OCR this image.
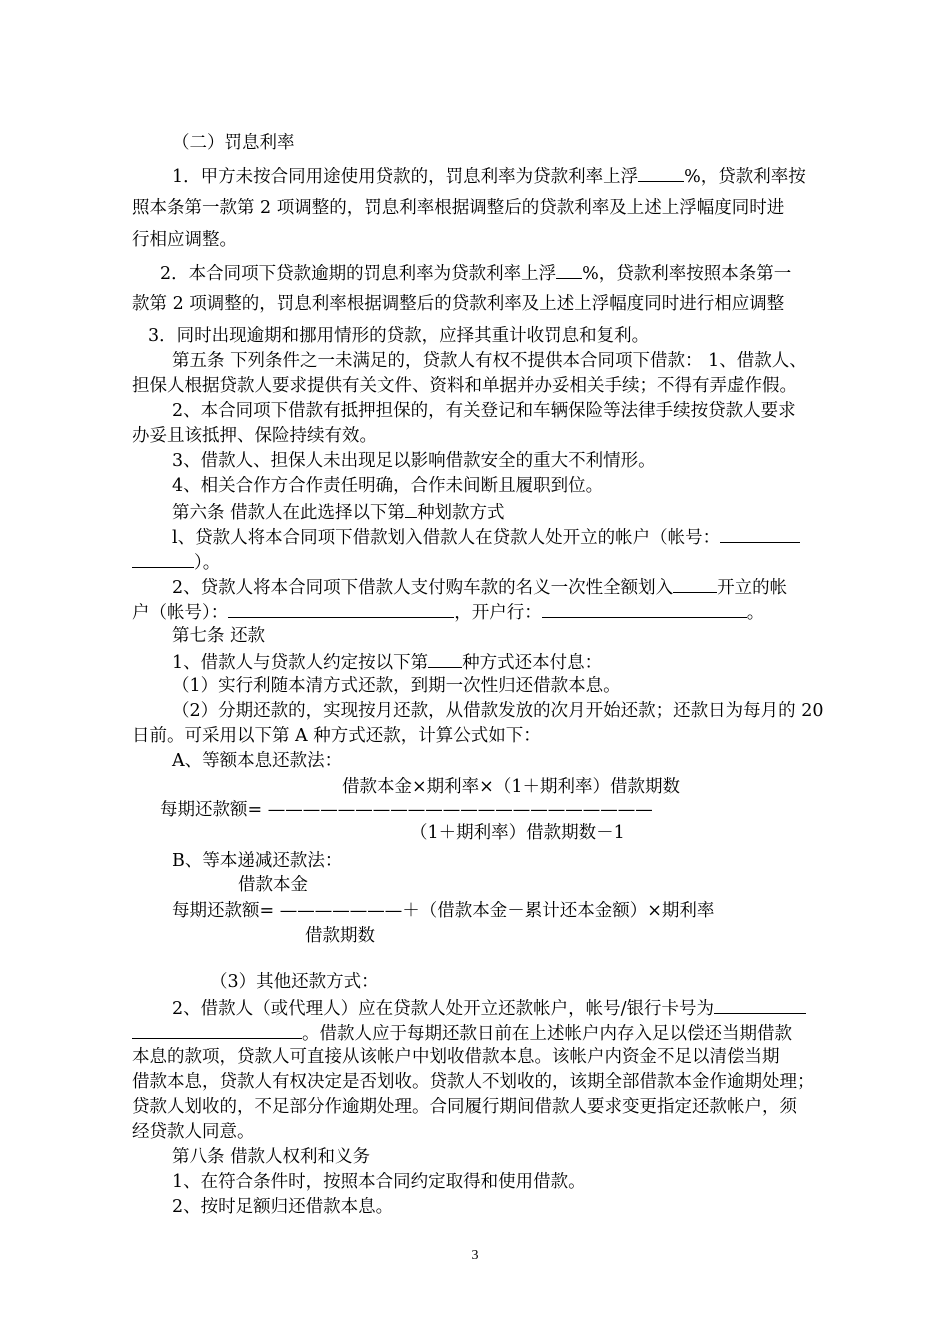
（二）罚息利率
1．甲方未按合同用途使用贷款的，罚息利率为贷款利率上浮	%，贷款利率按
照本条第一款第 2 项调整的，罚息利率根据调整后的贷款利率及上述上浮幅度同时进
行相应调整。
2．本合同项下贷款逾期的罚息利率为贷款利率上浮 %，贷款利率按照本条第一
款第 2 项调整的，罚息利率根据调整后的贷款利率及上述上浮幅度同时进行相应调整
3．同时出现逾期和挪用情形的贷款，应择其重计收罚息和复利。
第五条 下列条件之一未满足的，贷款人有权不提供本合同项下借款： 1、借款人、
担保人根据贷款人要求提供有关文件、资料和单据并办妥相关手续；不得有弄虚作假。
2、本合同项下借款有抵押担保的，有关登记和车辆保险等法律手续按贷款人要求
办妥且该抵押、保险持续有效。
3、借款人、担保人未出现足以影响借款安全的重大不利情形。
4、相关合作方合作责任明确，合作未间断且履职到位。
第六条 借款人在此选择以下第 种划款方式
l、贷款人将本合同项下借款划入借款人在贷款人处开立的帐户（帐号：
）。
2、贷款人将本合同项下借款人支付购车款的名义一次性全额划入	开立的帐
户（帐号）：	，开户行：	。
第七条 还款
1、借款人与贷款人约定按以下第 种方式还本付息：
（1）实行利随本清方式还款，到期一次性归还借款本息。
（2）分期还款的，实现按月还款，从借款发放的次月开始还款；还款日为每月的 20
日前。可采用以下第 A 种方式还款，计算公式如下：
A、等额本息还款法：
借款本金×期利率×（1＋期利率）借款期数
每期还款额= ——————————————————————
（1＋期利率）借款期数－1
B、等本递减还款法：
借款本金
每期还款额= ———————＋（借款本金－累计还本金额）×期利率
借款期数
（3）其他还款方式：
2、借款人（或代理人）应在贷款人处开立还款帐户，帐号/银行卡号为
。借款人应于每期还款日前在上述帐户内存入足以偿还当期借款
本息的款项，贷款人可直接从该帐户中划收借款本息。该帐户内资金不足以清偿当期
借款本息，贷款人有权决定是否划收。贷款人不划收的，该期全部借款本金作逾期处理；
贷款人划收的，不足部分作逾期处理。合同履行期间借款人要求变更指定还款帐户，须
经贷款人同意。
第八条 借款人权利和义务
1、在符合条件时，按照本合同约定取得和使用借款。
2、按时足额归还借款本息。
3
